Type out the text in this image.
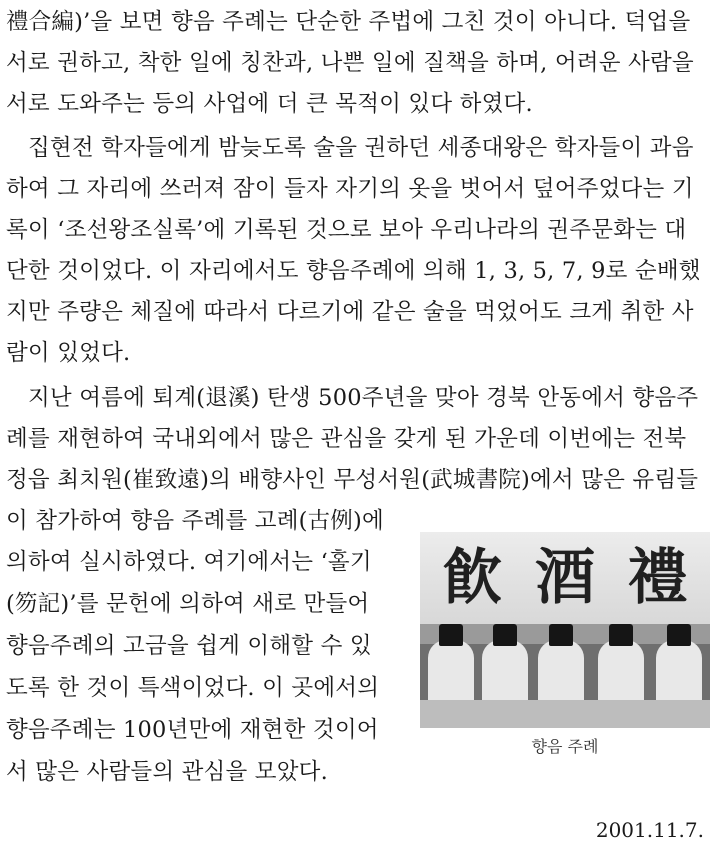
禮合編)’을 보면 향음 주례는 단순한 주법에 그친 것이 아니다. 덕업을
서로 권하고, 착한 일에 칭찬과, 나쁜 일에 질책을 하며, 어려운 사람을
서로 도와주는 등의 사업에 더 큰 목적이 있다 하였다.
집현전 학자들에게 밤늦도록 술을 권하던 세종대왕은 학자들이 과음
하여 그 자리에 쓰러져 잠이 들자 자기의 옷을 벗어서 덮어주었다는 기
록이 ‘조선왕조실록’에 기록된 것으로 보아 우리나라의 권주문화는 대
단한 것이었다. 이 자리에서도 향음주례에 의해 1, 3, 5, 7, 9로 순배했
지만 주량은 체질에 따라서 다르기에 같은 술을 먹었어도 크게 취한 사
람이 있었다.
지난 여름에 퇴계(退溪) 탄생 500주년을 맞아 경북 안동에서 향음주
례를 재현하여 국내외에서 많은 관심을 갖게 된 가운데 이번에는 전북
정읍 최치원(崔致遠)의 배향사인 무성서원(武城書院)에서 많은 유림들
이 참가하여 향음 주례를 고례(古例)에
의하여 실시하였다. 여기에서는 ‘홀기
(笏記)’를 문헌에 의하여 새로 만들어
향음주례의 고금을 쉽게 이해할 수 있
도록 한 것이 특색이었다. 이 곳에서의
향음주례는 100년만에 재현한 것이어
서 많은 사람들의 관심을 모았다.
飮 酒 禮
향음 주례
2001.11.7.
